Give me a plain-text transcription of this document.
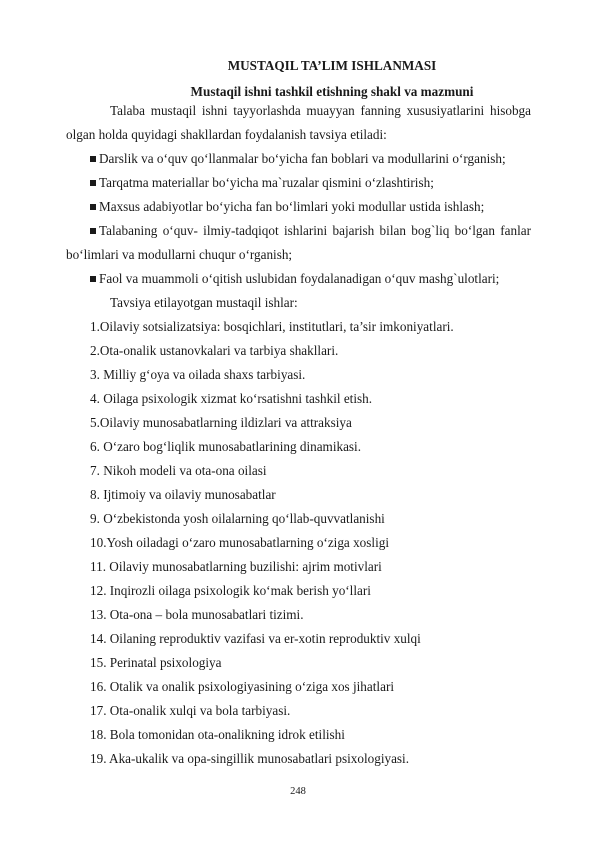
MUSTAQIL TA’LIM ISHLANMASI
Mustaqil ishni tashkil etishning shakl va mazmuni
Talaba mustaqil ishni tayyorlashda muayyan fanning xususiyatlarini hisobga olgan holda quyidagi shakllardan foydalanish tavsiya etiladi:
Darslik va o‘quv qo‘llanmalar bo‘yicha fan boblari va modullarini o‘rganish;
Tarqatma materiallar bo‘yicha ma`ruzalar qismini o‘zlashtirish;
Maxsus adabiyotlar bo‘yicha fan bo‘limlari yoki modullar ustida ishlash;
Talabaning o‘quv- ilmiy-tadqiqot ishlarini bajarish bilan bog`liq bo‘lgan fanlar bo‘limlari va modullarni chuqur o‘rganish;
Faol va muammoli o‘qitish uslubidan foydalanadigan o‘quv mashg`ulotlari;
Tavsiya etilayotgan mustaqil ishlar:
1.Oilaviy sotsializatsiya: bosqichlari, institutlari, ta’sir imkoniyatlari.
2.Ota-onalik ustanovkalari va tarbiya shakllari.
3. Milliy g‘oya va oilada shaxs tarbiyasi.
4. Oilaga psixologik xizmat ko‘rsatishni tashkil etish.
5.Oilaviy munosabatlarning ildizlari va attraksiya
6. O‘zaro bog‘liqlik munosabatlarining dinamikasi.
7. Nikoh modeli va ota-ona oilasi
8. Ijtimoiy va oilaviy munosabatlar
9. O‘zbekistonda yosh oilalarning qo‘llab-quvvatlanishi
10.Yosh oiladagi o‘zaro munosabatlarning o‘ziga xosligi
11. Oilaviy munosabatlarning buzilishi: ajrim motivlari
12. Inqirozli oilaga psixologik ko‘mak berish yo‘llari
13. Ota-ona – bola munosabatlari tizimi.
14. Oilaning reproduktiv vazifasi va er-xotin reproduktiv xulqi
15. Perinatal psixologiya
16. Otalik va onalik psixologiyasining o‘ziga xos jihatlari
17. Ota-onalik xulqi va bola tarbiyasi.
18. Bola tomonidan ota-onalikning idrok etilishi
19. Aka-ukalik va opa-singillik munosabatlari psixologiyasi.
248
